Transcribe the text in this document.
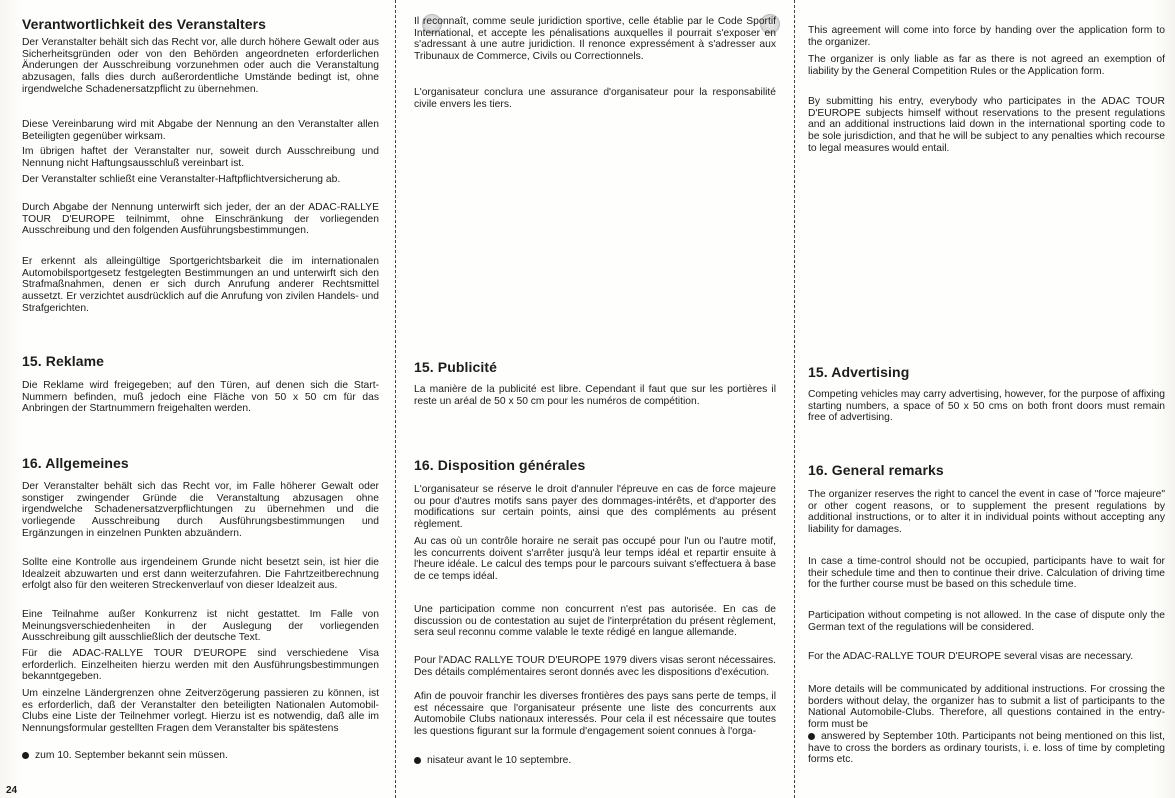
Verantwortlichkeit des Veranstalters

Der Veranstalter behält sich das Recht vor, alle durch höhere Gewalt oder aus Sicherheitsgründen oder von den Behörden angeordneten erforderlichen Änderungen der Ausschreibung vorzunehmen oder auch die Veranstaltung abzusagen, falls dies durch außerordentliche Umstände bedingt ist, ohne irgendwelche Schadenersatzpflicht zu übernehmen.

Diese Vereinbarung wird mit Abgabe der Nennung an den Veranstalter allen Beteiligten gegenüber wirksam.

Im übrigen haftet der Veranstalter nur, soweit durch Ausschreibung und Nennung nicht Haftungsausschluß vereinbart ist.

Der Veranstalter schließt eine Veranstalter-Haftpflichtversicherung ab.

Durch Abgabe der Nennung unterwirft sich jeder, der an der ADAC-RALLYE TOUR D'EUROPE teilnimmt, ohne Einschränkung der vorliegenden Ausschreibung und den folgenden Ausführungsbestimmungen.

Er erkennt als alleingültige Sportgerichtsbarkeit die im internationalen Automobilsportgesetz festgelegten Bestimmungen an und unterwirft sich den Strafmaßnahmen, denen er sich durch Anrufung anderer Rechtsmittel aussetzt. Er verzichtet ausdrücklich auf die Anrufung von zivilen Handels- und Strafgerichten.

15. Reklame

Die Reklame wird freigegeben; auf den Türen, auf denen sich die Start-Nummern befinden, muß jedoch eine Fläche von 50 x 50 cm für das Anbringen der Startnummern freigehalten werden.

16. Allgemeines

Der Veranstalter behält sich das Recht vor, im Falle höherer Gewalt oder sonstiger zwingender Gründe die Veranstaltung abzusagen ohne irgendwelche Schadenersatzverpflichtungen zu übernehmen und die vorliegende Ausschreibung durch Ausführungsbestimmungen und Ergänzungen in einzelnen Punkten abzuändern.

Sollte eine Kontrolle aus irgendeinem Grunde nicht besetzt sein, ist hier die Idealzeit abzuwarten und erst dann weiterzufahren. Die Fahrtzeitberechnung erfolgt also für den weiteren Streckenverlauf von dieser Idealzeit aus.

Eine Teilnahme außer Konkurrenz ist nicht gestattet. Im Falle von Meinungsverschiedenheiten in der Auslegung der vorliegenden Ausschreibung gilt ausschließlich der deutsche Text.

Für die ADAC-RALLYE TOUR D'EUROPE sind verschiedene Visa erforderlich. Einzelheiten hierzu werden mit den Ausführungsbestimmungen bekanntgegeben.

Um einzelne Ländergrenzen ohne Zeitverzögerung passieren zu können, ist es erforderlich, daß der Veranstalter den beteiligten Nationalen Automobil-Clubs eine Liste der Teilnehmer vorlegt. Hierzu ist es notwendig, daß alle im Nennungsformular gestellten Fragen dem Veranstalter bis spätestens

zum 10. September bekannt sein müssen.

Il reconnaît, comme seule juridiction sportive, celle établie par le Code Sportif International, et accepte les pénalisations auxquelles il pourrait s'exposer en s'adressant à une autre juridiction. Il renonce expressément à s'adresser aux Tribunaux de Commerce, Civils ou Correctionnels.

L'organisateur conclura une assurance d'organisateur pour la responsabilité civile envers les tiers.

15. Publicité

La manière de la publicité est libre. Cependant il faut que sur les portières il reste un aréal de 50 x 50 cm pour les numéros de compétition.

16. Disposition générales

L'organisateur se réserve le droit d'annuler l'épreuve en cas de force majeure ou pour d'autres motifs sans payer des dommages-intérêts, et d'apporter des modifications sur certain points, ainsi que des compléments au présent règlement.

Au cas où un contrôle horaire ne serait pas occupé pour l'un ou l'autre motif, les concurrents doivent s'arrêter jusqu'à leur temps idéal et repartir ensuite à l'heure idéale. Le calcul des temps pour le parcours suivant s'effectuera à base de ce temps idéal.

Une participation comme non concurrent n'est pas autorisée. En cas de discussion ou de contestation au sujet de l'interprétation du présent règlement, sera seul reconnu comme valable le texte rédigé en langue allemande.

Pour l'ADAC RALLYE TOUR D'EUROPE 1979 divers visas seront nécessaires. Des détails complémentaires seront donnés avec les dispositions d'exécution.

Afin de pouvoir franchir les diverses frontières des pays sans perte de temps, il est nécessaire que l'organisateur présente une liste des concurrents aux Automobile Clubs nationaux interessés. Pour cela il est nécessaire que toutes les questions figurant sur la formule d'engagement soient connues à l'orga-

nisateur avant le 10 septembre.

This agreement will come into force by handing over the application form to the organizer.

The organizer is only liable as far as there is not agreed an exemption of liability by the General Competition Rules or the Application form.

By submitting his entry, everybody who participates in the ADAC TOUR D'EUROPE subjects himself without reservations to the present regulations and an additional instructions laid down in the international sporting code to be sole jurisdiction, and that he will be subject to any penalties which recourse to legal measures would entail.

15. Advertising

Competing vehicles may carry advertising, however, for the purpose of affixing starting numbers, a space of 50 x 50 cms on both front doors must remain free of advertising.

16. General remarks

The organizer reserves the right to cancel the event in case of "force majeure" or other cogent reasons, or to supplement the present regulations by additional instructions, or to alter it in individual points without accepting any liability for damages.

In case a time-control should not be occupied, participants have to wait for their schedule time and then to continue their drive. Calculation of driving time for the further course must be based on this schedule time.

Participation without competing is not allowed. In the case of dispute only the German text of the regulations will be considered.

For the ADAC-RALLYE TOUR D'EUROPE several visas are necessary.

More details will be communicated by additional instructions. For crossing the borders without delay, the organizer has to submit a list of participants to the National Automobile-Clubs. Therefore, all questions contained in the entry-form must be

answered by September 10th. Participants not being mentioned on this list, have to cross the borders as ordinary tourists, i. e. loss of time by completing forms etc.

24
